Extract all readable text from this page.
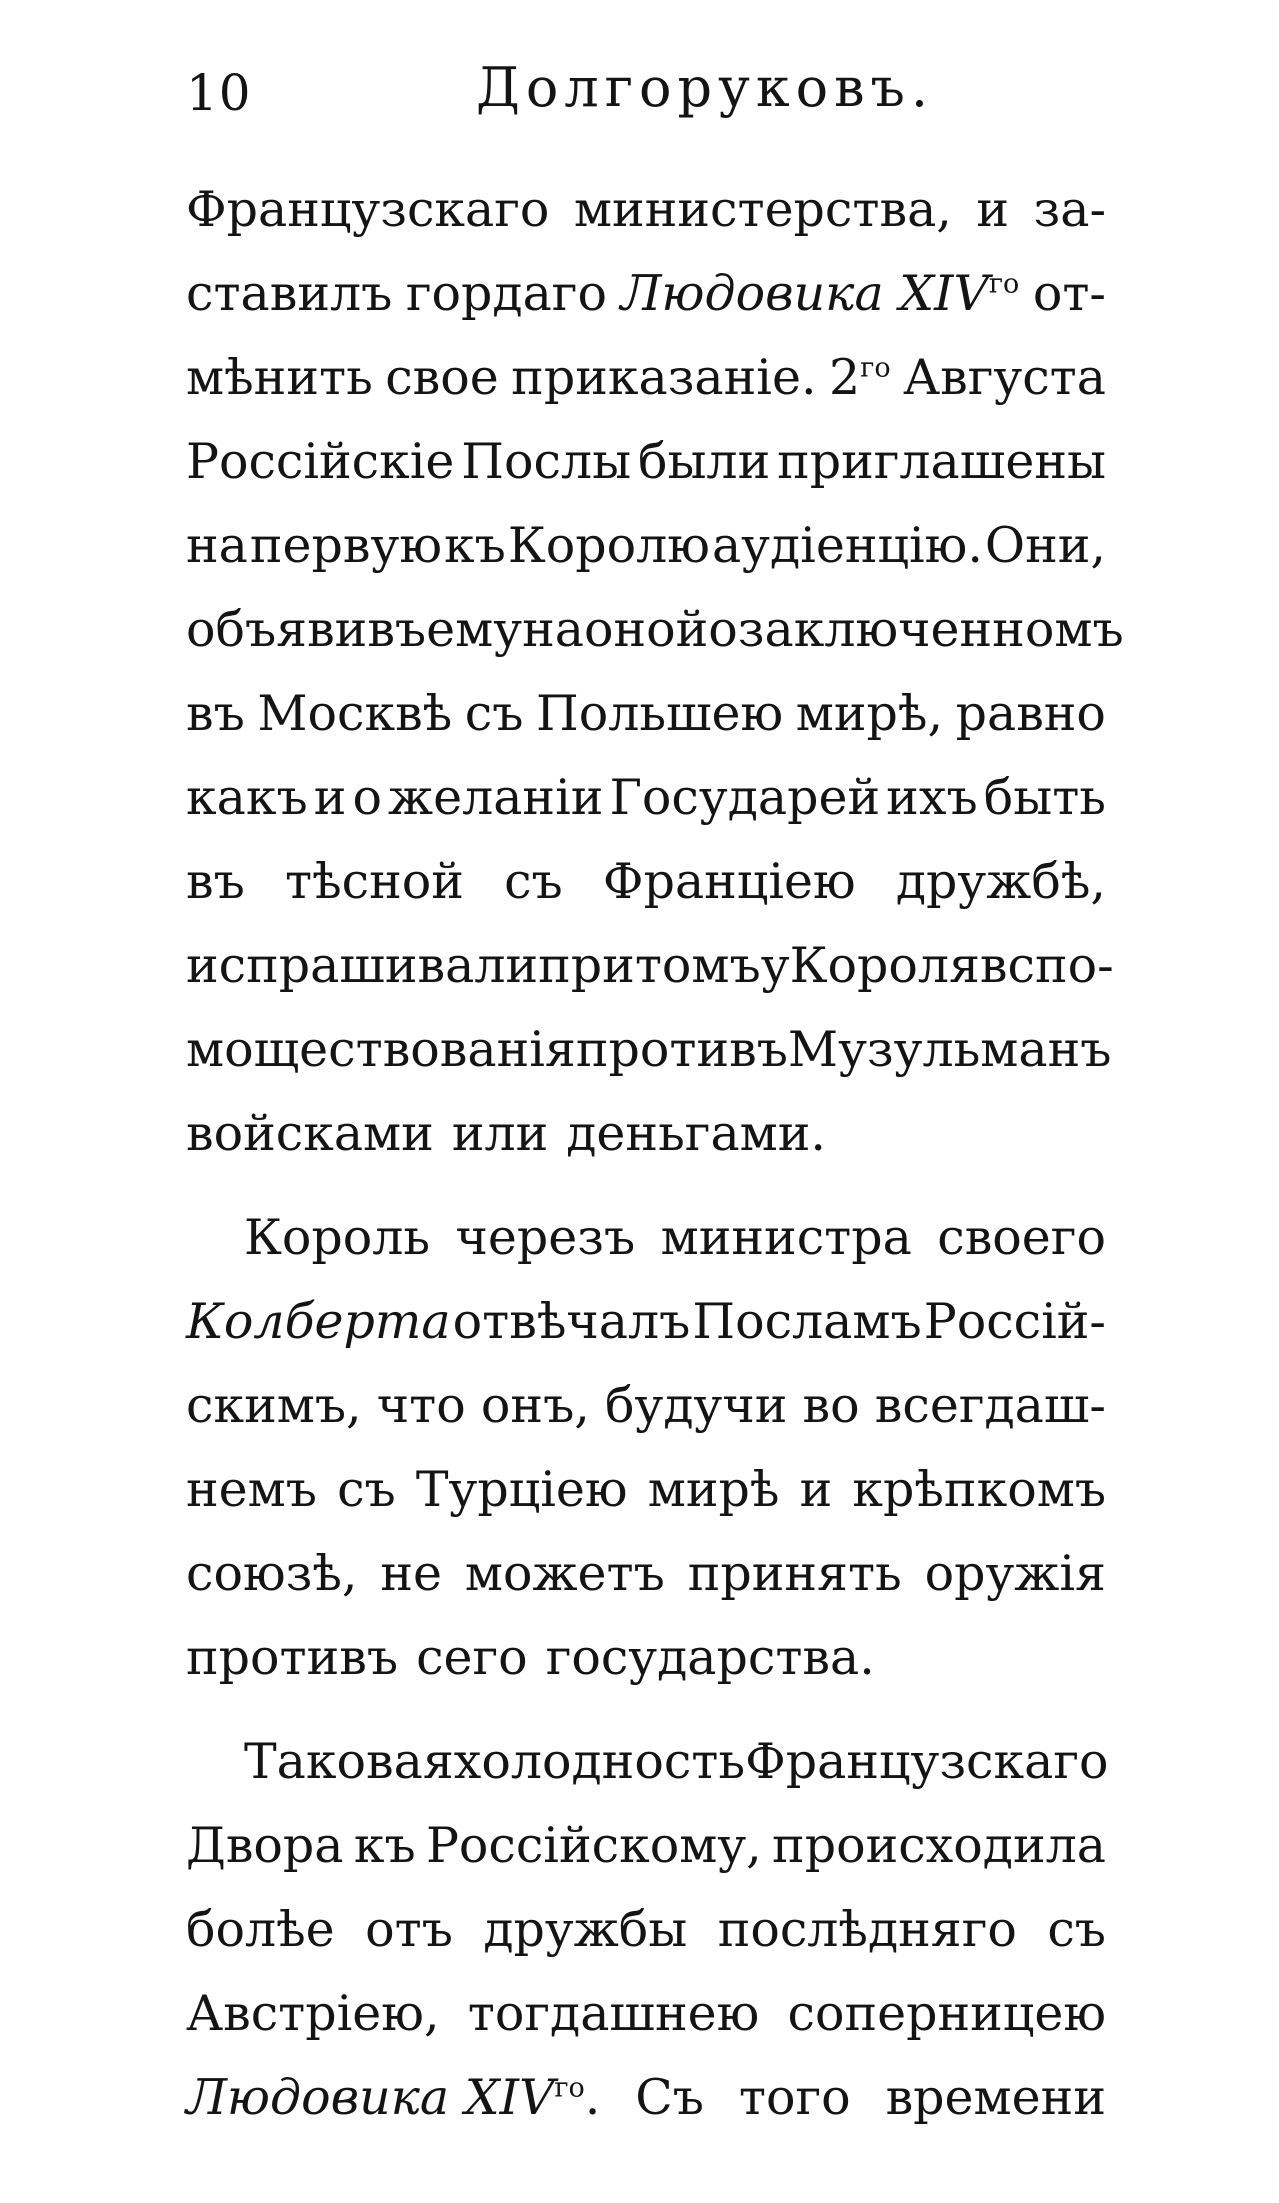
10	Долгоруковъ.
Французскаго министерства, и за-
ставилъ гордаго Людовика $XIV^{го}$ от-
мѣнить свое приказаніе. $2^{го}$ Августа
Россійскіе Послы были приглашены
на первую къ Королю аудіенцію. Они,
объявивъ ему на оной о заключенномъ
въ Москвѣ съ Польшею мирѣ, равно
какъ и о желаніи Государей ихъ быть
въ тѣсной съ Франціею дружбѣ,
испрашивали притомъ у Короля вспо-
моществованія противъ Музульманъ
войсками или деньгами.
Король черезъ министра своего
Колберта отвѣчалъ Посламъ Россій-
скимъ, что онъ, будучи во всегдаш-
немъ съ Турціею мирѣ и крѣпкомъ
союзѣ, не можетъ принять оружія
противъ сего государства.
Таковая холодность Французскаго
Двора къ Россійскому, происходила
болѣе отъ дружбы послѣдняго съ
Австріею, тогдашнею соперницею
Людовика $XIV^{го}$. Съ того времени
